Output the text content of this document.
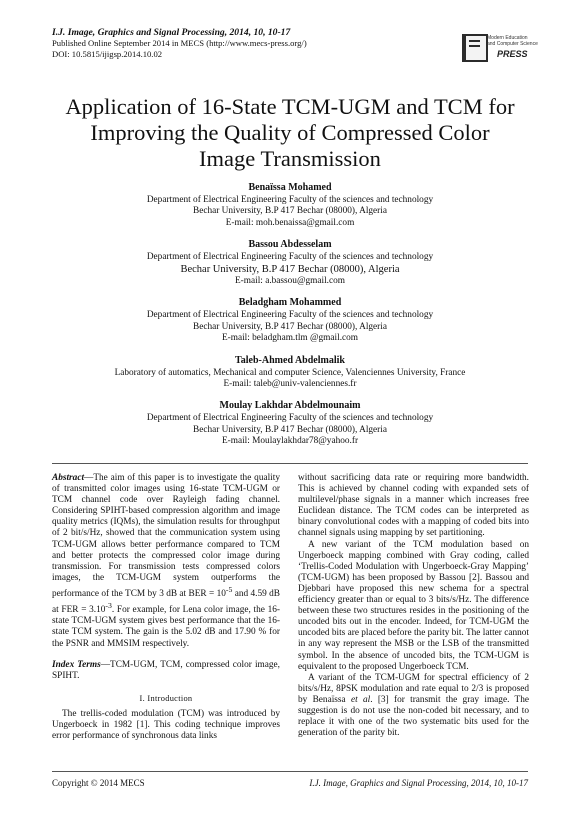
I.J. Image, Graphics and Signal Processing, 2014, 10, 10-17
Published Online September 2014 in MECS (http://www.mecs-press.org/)
DOI: 10.5815/ijigsp.2014.10.02
Modern Education
and Computer Science
PRESS
Application of 16-State TCM-UGM and TCM for
Improving the Quality of Compressed Color
Image Transmission
Benaïssa Mohamed
Department of Electrical Engineering Faculty of the sciences and technology
Bechar University, B.P 417 Bechar (08000), Algeria
E-mail: moh.benaissa@gmail.com
Bassou Abdesselam
Department of Electrical Engineering Faculty of the sciences and technology
Bechar University, B.P 417 Bechar (08000), Algeria
E-mail: a.bassou@gmail.com
Beladgham Mohammed
Department of Electrical Engineering Faculty of the sciences and technology
Bechar University, B.P 417 Bechar (08000), Algeria
E-mail: beladgham.tlm @gmail.com
Taleb-Ahmed Abdelmalik
Laboratory of automatics, Mechanical and computer Science, Valenciennes University, France
E-mail: taleb@univ-valenciennes.fr
Moulay Lakhdar Abdelmounaim
Department of Electrical Engineering Faculty of the sciences and technology
Bechar University, B.P 417 Bechar (08000), Algeria
E-mail: Moulaylakhdar78@yahoo.fr

Abstract—The aim of this paper is to investigate the quality of transmitted color images using 16-state TCM-UGM or TCM channel code over Rayleigh fading channel. Considering SPIHT-based compression algorithm and image quality metrics (IQMs), the simulation results for throughput of 2 bit/s/Hz, showed that the communication system using TCM-UGM allows better performance compared to TCM and better protects the compressed color image during transmission. For transmission tests compressed colors images, the TCM-UGM system outperforms the performance of the TCM by 3 dB at BER = $10^{-5}$ and 4.59 dB at FER = $3.10^{-3}$. For example, for Lena color image, the 16-state TCM-UGM system gives best performance that the 16-state TCM system. The gain is the 5.02 dB and 17.90 % for the PSNR and MMSIM respectively.

Index Terms—TCM-UGM, TCM, compressed color image, SPIHT.

I. Introduction

The trellis-coded modulation (TCM) was introduced by Ungerboeck in 1982 [1]. This coding technique improves error performance of synchronous data links

without sacrificing data rate or requiring more bandwidth. This is achieved by channel coding with expanded sets of multilevel/phase signals in a manner which increases free Euclidean distance. The TCM codes can be interpreted as binary convolutional codes with a mapping of coded bits into channel signals using mapping by set partitioning.

A new variant of the TCM modulation based on Ungerboeck mapping combined with Gray coding, called ‘Trellis-Coded Modulation with Ungerboeck-Gray Mapping’ (TCM-UGM) has been proposed by Bassou [2]. Bassou and Djebbari have proposed this new schema for a spectral efficiency greater than or equal to 3 bits/s/Hz. The difference between these two structures resides in the positioning of the uncoded bits out in the encoder. Indeed, for TCM-UGM the uncoded bits are placed before the parity bit. The latter cannot in any way represent the MSB or the LSB of the transmitted symbol. In the absence of uncoded bits, the TCM-UGM is equivalent to the proposed Ungerboeck TCM.

A variant of the TCM-UGM for spectral efficiency of 2 bits/s/Hz, 8PSK modulation and rate equal to 2/3 is proposed by Benaïssa et al. [3] for transmit the gray image. The suggestion is do not use the non-coded bit necessary, and to replace it with one of the two systematic bits used for the generation of the parity bit.

Copyright © 2014 MECS	I.J. Image, Graphics and Signal Processing, 2014, 10, 10-17
